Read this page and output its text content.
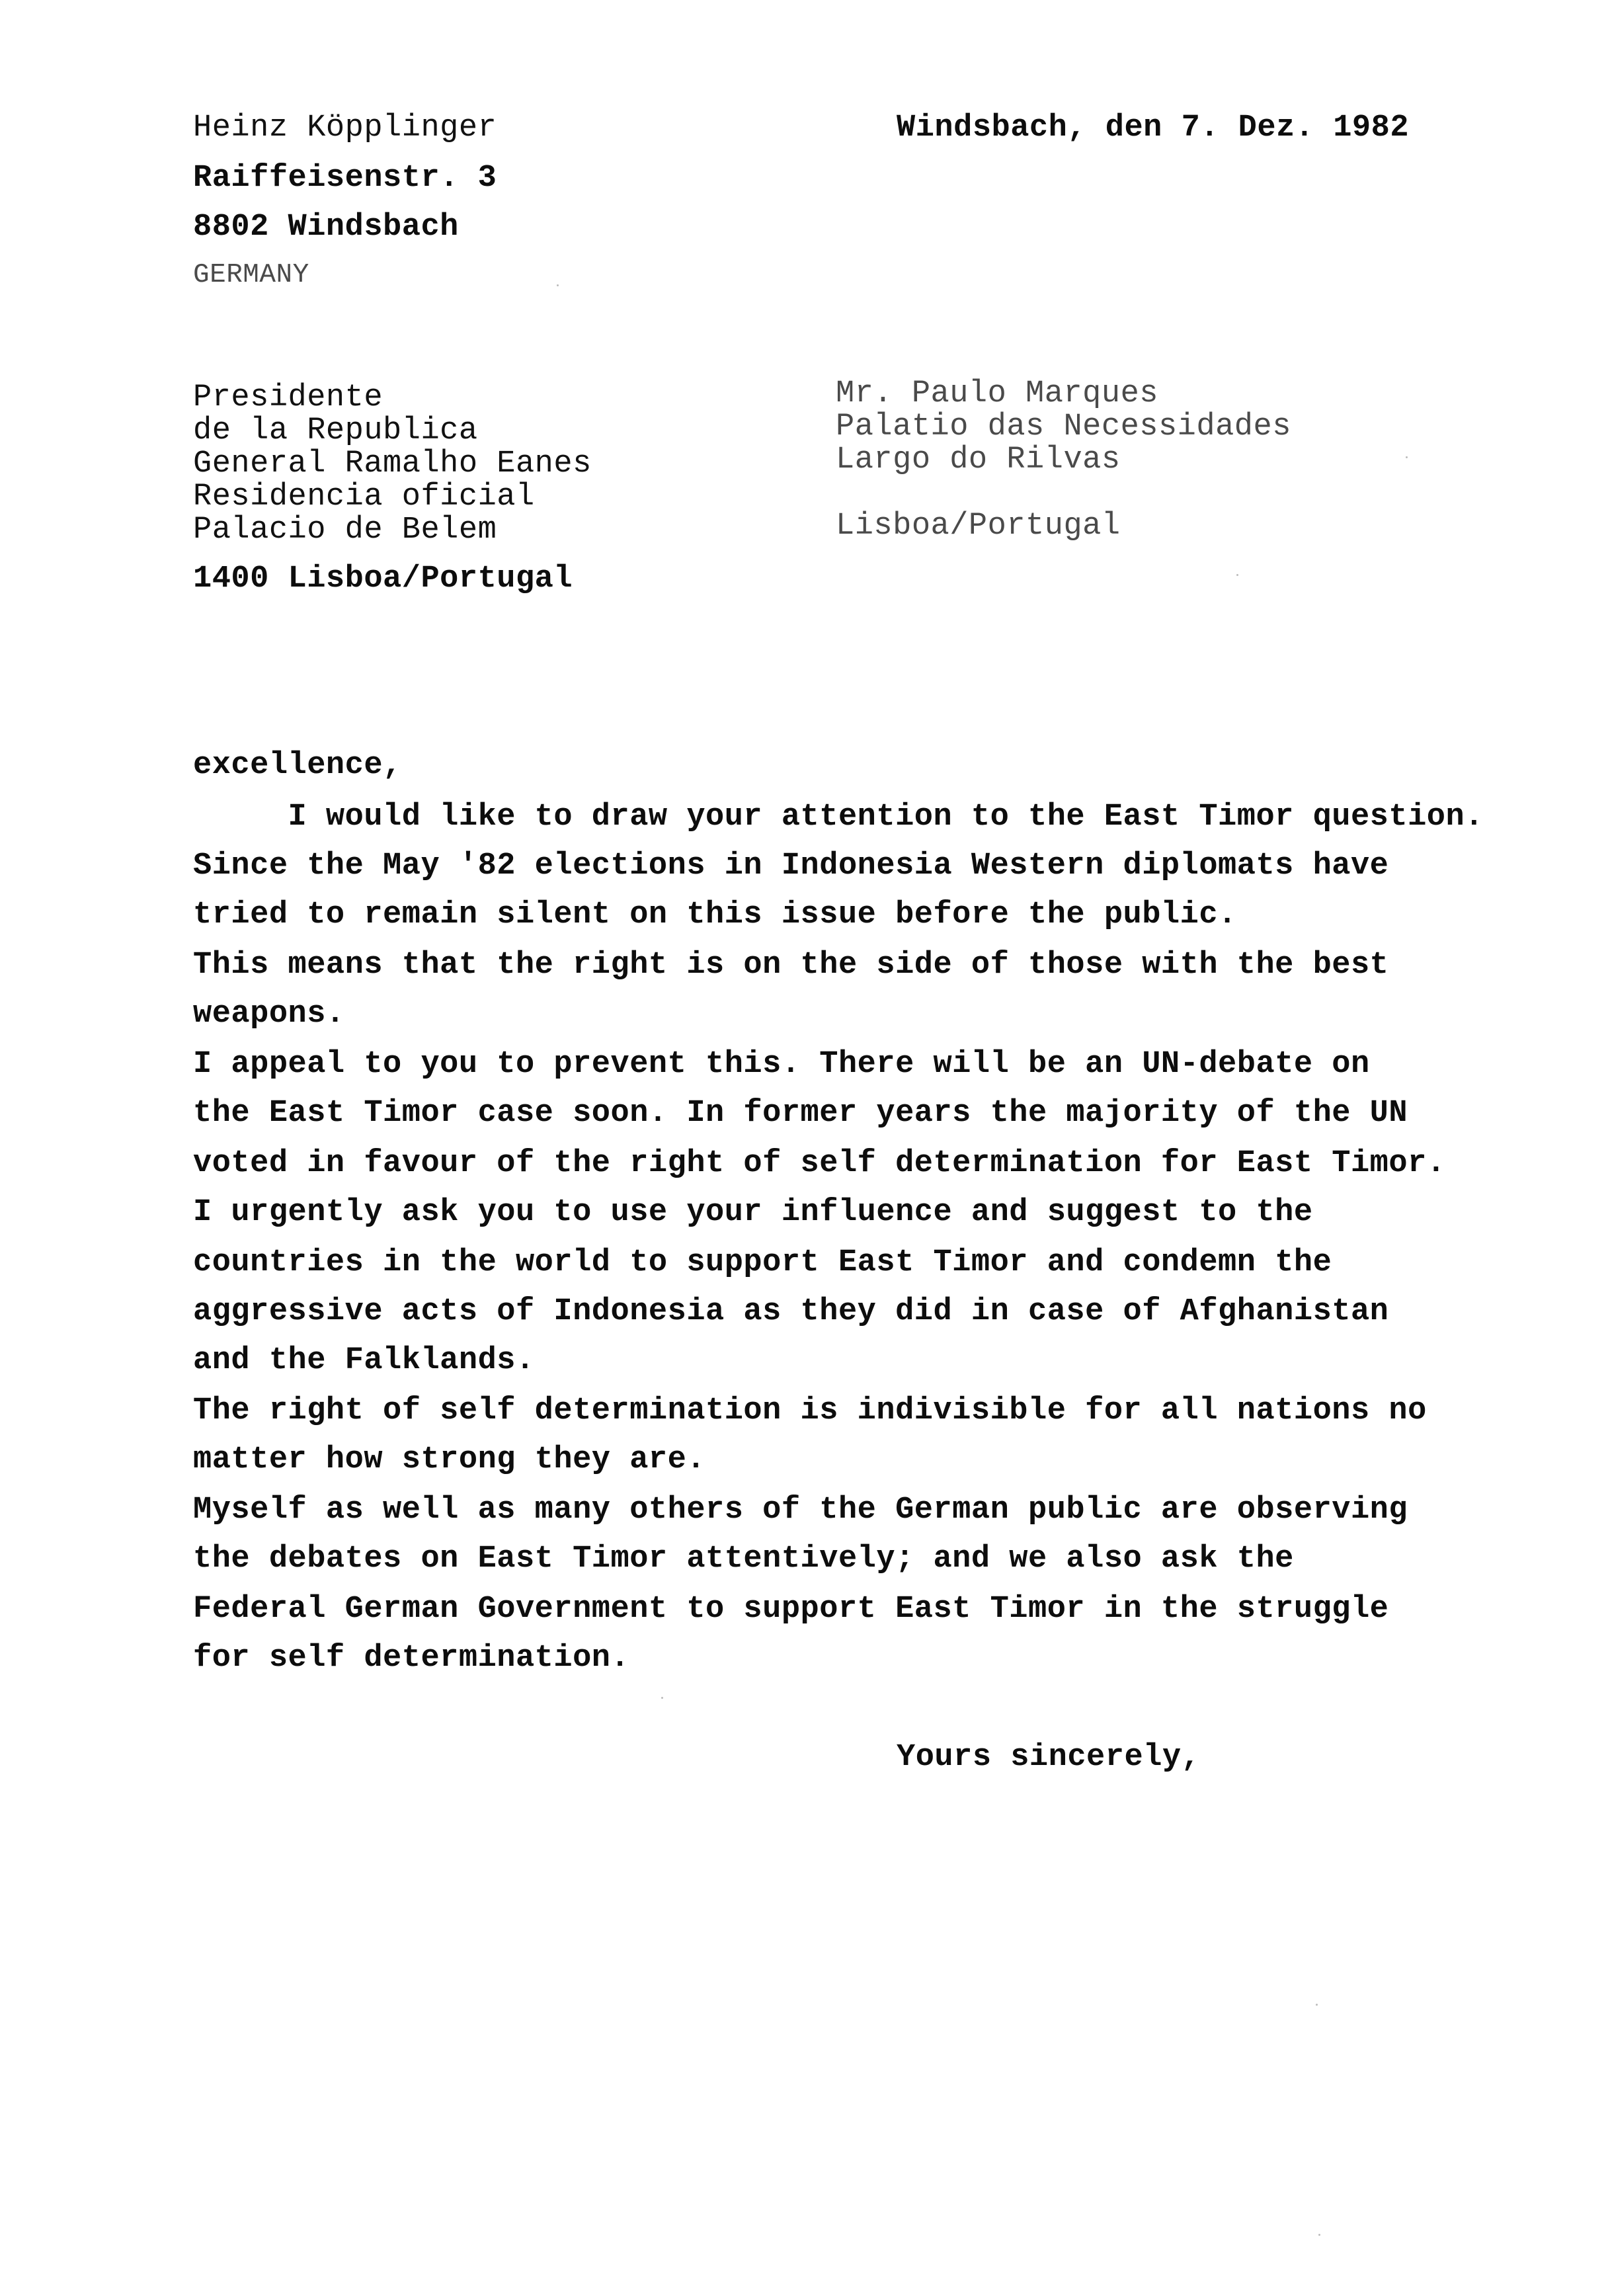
Heinz Köpplinger
Raiffeisenstr. 3
8802 Windsbach
GERMANY
Windsbach, den 7. Dez. 1982
Presidente
de la Republica
General Ramalho Eanes
Residencia oficial
Palacio de Belem
1400 Lisboa/Portugal
Mr. Paulo Marques
Palatio das Necessidades
Largo do Rilvas
Lisboa/Portugal
excellence,
I would like to draw your attention to the East Timor question.
Since the May '82 elections in Indonesia Western diplomats have
tried to remain silent on this issue before the public.
This means that the right is on the side of those with the best
weapons.
I appeal to you to prevent this. There will be an UN-debate on
the East Timor case soon. In former years the majority of the UN
voted in favour of the right of self determination for East Timor.
I urgently ask you to use your influence and suggest to the
countries in the world to support East Timor and condemn the
aggressive acts of Indonesia as they did in case of Afghanistan
and the Falklands.
The right of self determination is indivisible for all nations no
matter how strong they are.
Myself as well as many others of the German public are observing
the debates on East Timor attentively; and we also ask the
Federal German Government to support East Timor in the struggle
for self determination.
Yours sincerely,
